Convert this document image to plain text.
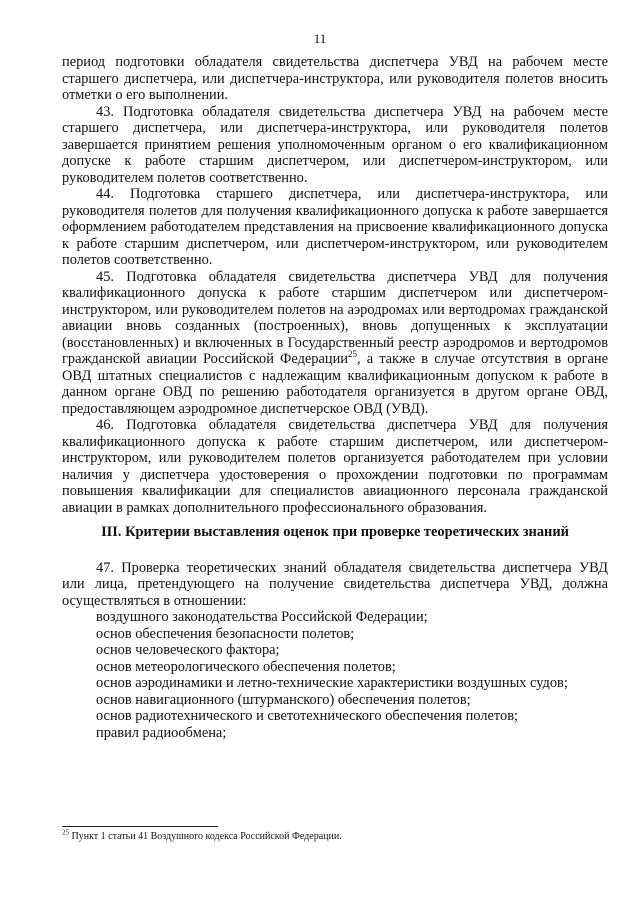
11

период подготовки обладателя свидетельства диспетчера УВД на рабочем месте старшего диспетчера, или диспетчера-инструктора, или руководителя полетов вносить отметки о его выполнении.

43. Подготовка обладателя свидетельства диспетчера УВД на рабочем месте старшего диспетчера, или диспетчера-инструктора, или руководителя полетов завершается принятием решения уполномоченным органом о его квалификационном допуске к работе старшим диспетчером, или диспетчером-инструктором, или руководителем полетов соответственно.

44. Подготовка старшего диспетчера, или диспетчера-инструктора, или руководителя полетов для получения квалификационного допуска к работе завершается оформлением работодателем представления на присвоение квалификационного допуска к работе старшим диспетчером, или диспетчером-инструктором, или руководителем полетов соответственно.

45. Подготовка обладателя свидетельства диспетчера УВД для получения квалификационного допуска к работе старшим диспетчером или диспетчером-инструктором, или руководителем полетов на аэродромах или вертодромах гражданской авиации вновь созданных (построенных), вновь допущенных к эксплуатации (восстановленных) и включенных в Государственный реестр аэродромов и вертодромов гражданской авиации Российской Федерации$^{25}$, а также в случае отсутствия в органе ОВД штатных специалистов с надлежащим квалификационным допуском к работе в данном органе ОВД по решению работодателя организуется в другом органе ОВД, предоставляющем аэродромное диспетчерское ОВД (УВД).

46. Подготовка обладателя свидетельства диспетчера УВД для получения квалификационного допуска к работе старшим диспетчером, или диспетчером-инструктором, или руководителем полетов организуется работодателем при условии наличия у диспетчера удостоверения о прохождении подготовки по программам повышения квалификации для специалистов авиационного персонала гражданской авиации в рамках дополнительного профессионального образования.

III. Критерии выставления оценок при проверке теоретических знаний

47. Проверка теоретических знаний обладателя свидетельства диспетчера УВД или лица, претендующего на получение свидетельства диспетчера УВД, должна осуществляться в отношении:

воздушного законодательства Российской Федерации;

основ обеспечения безопасности полетов;

основ человеческого фактора;

основ метеорологического обеспечения полетов;

основ аэродинамики и летно-технические характеристики воздушных судов;

основ навигационного (штурманского) обеспечения полетов;

основ радиотехнического и светотехнического обеспечения полетов;

правил радиообмена;

$^{25}$ Пункт 1 статьи 41 Воздушного кодекса Российской Федерации.
